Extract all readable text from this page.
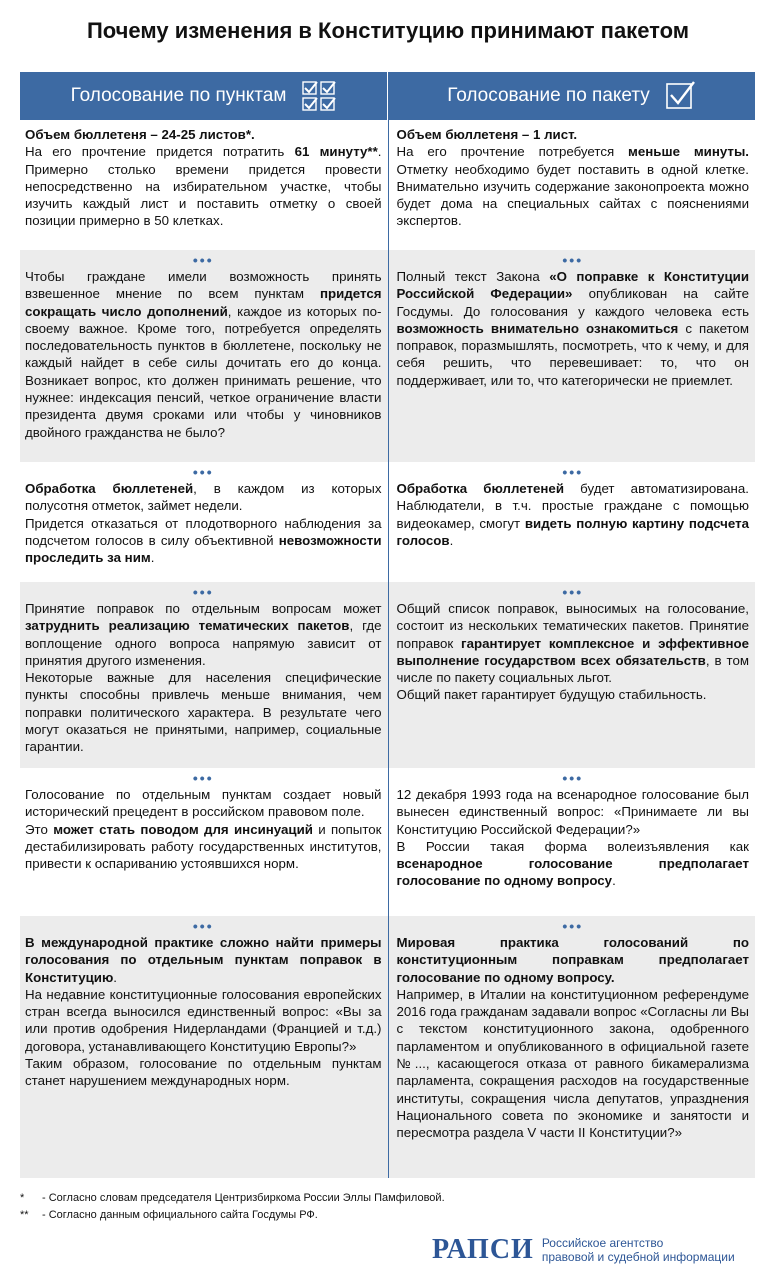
Почему изменения в Конституцию принимают пакетом
Голосование по пунктам	Голосование по пакету

Объем бюллетеня – 24-25 листов*.

На его прочтение придется потратить 61 минуту**. Примерно столько времени придется провести непосредственно на избирательном участке, чтобы изучить каждый лист и поставить отметку о своей позиции примерно в 50 клетках.

Объем бюллетеня – 1 лист.

На его прочтение потребуется меньше минуты. Отметку необходимо будет поставить в одной клетке. Внимательно изучить содержание законопроекта можно будет дома на специальных сайтах с пояснениями экспертов.

•••

Чтобы граждане имели возможность принять взвешенное мнение по всем пунктам придется сокращать число дополнений, каждое из которых по-своему важное. Кроме того, потребуется определять последовательность пунктов в бюллетене, поскольку не каждый найдет в себе силы дочитать его до конца. Возникает вопрос, кто должен принимать решение, что нужнее: индексация пенсий, четкое ограничение власти президента двумя сроками или чтобы у чиновников двойного гражданства не было?

•••

Полный текст Закона «О поправке к Конституции Российской Федерации» опубликован на сайте Госдумы. До голосования у каждого человека есть возможность внимательно ознакомиться с пакетом поправок, поразмышлять, посмотреть, что к чему, и для себя решить, что перевешивает: то, что он поддерживает, или то, что категорически не приемлет.

•••

Обработка бюллетеней, в каждом из которых полусотня отметок, займет недели.

Придется отказаться от плодотворного наблюдения за подсчетом голосов в силу объективной невозможности проследить за ним.

•••

Обработка бюллетеней будет автоматизирована. Наблюдатели, в т.ч. простые граждане с помощью видеокамер, смогут видеть полную картину подсчета голосов.

•••

Принятие поправок по отдельным вопросам может затруднить реализацию тематических пакетов, где воплощение одного вопроса напрямую зависит от принятия другого изменения.

Некоторые важные для населения специфические пункты способны привлечь меньше внимания, чем поправки политического характера. В результате чего могут оказаться не принятыми, например, социальные гарантии.

•••

Общий список поправок, выносимых на голосование, состоит из нескольких тематических пакетов. Принятие поправок гарантирует комплексное и эффективное выполнение государством всех обязательств, в том числе по пакету социальных льгот.

Общий пакет гарантирует будущую стабильность.

•••

Голосование по отдельным пунктам создает новый исторический прецедент в российском правовом поле.

Это может стать поводом для инсинуаций и попыток дестабилизировать работу государственных институтов, привести к оспариванию устоявшихся норм.

•••

12 декабря 1993 года на всенародное голосование был вынесен единственный вопрос: «Принимаете ли вы Конституцию Российской Федерации?»

В России такая форма волеизъявления как всенародное голосование предполагает голосование по одному вопросу.

•••

В международной практике сложно найти примеры голосования по отдельным пунктам поправок в Конституцию.

На недавние конституционные голосования европейских стран всегда выносился единственный вопрос: «Вы за или против одобрения Нидерландами (Францией и т.д.) договора, устанавливающего Конституцию Европы?»

Таким образом, голосование по отдельным пунктам станет нарушением международных норм.

•••

Мировая практика голосований по конституционным поправкам предполагает голосование по одному вопросу.

Например, в Италии на конституционном референдуме 2016 года гражданам задавали вопрос «Согласны ли Вы с текстом конституционного закона, одобренного парламентом и опубликованного в официальной газете №..., касающегося отказа от равного бикамерализма парламента, сокращения расходов на государственные институты, сокращения числа депутатов, упразднения Национального совета по экономике и занятости и пересмотра раздела V части II Конституции?»

* - Согласно словам председателя Центризбиркома России Эллы Памфиловой.
** - Согласно данным официального сайта Госдумы РФ.
РАПСИ Российское агентство
правовой и судебной информации
